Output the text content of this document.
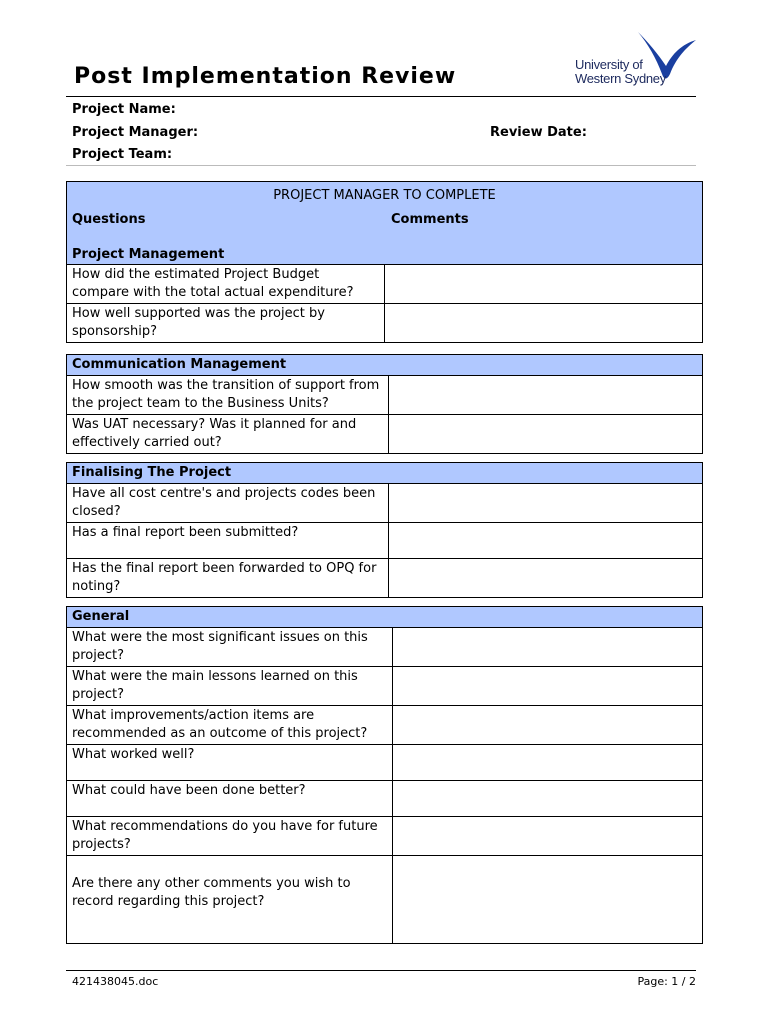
Post Implementation Review	University of
Western Sydney
Project Name:
Project Manager:	Review Date:
Project Team:
PROJECT MANAGER TO COMPLETE
Questions	Comments
Project Management
How did the estimated Project Budget compare with the total actual expenditure?	
How well supported was the project by sponsorship?	
Communication Management	
How smooth was the transition of support from the project team to the Business Units?	
Was UAT necessary? Was it planned for and effectively carried out?	
Finalising The Project	
Have all cost centre's and projects codes been closed?	
Has a final report been submitted?	
Has the final report been forwarded to OPQ for noting?	
General	
What were the most significant issues on this project?	
What were the main lessons learned on this project?	
What improvements/action items are recommended as an outcome of this project?	
What worked well?	
What could have been done better?	
What recommendations do you have for future projects?	
Are there any other comments you wish to record regarding this project?	
421438045.doc	Page: 1 / 2
